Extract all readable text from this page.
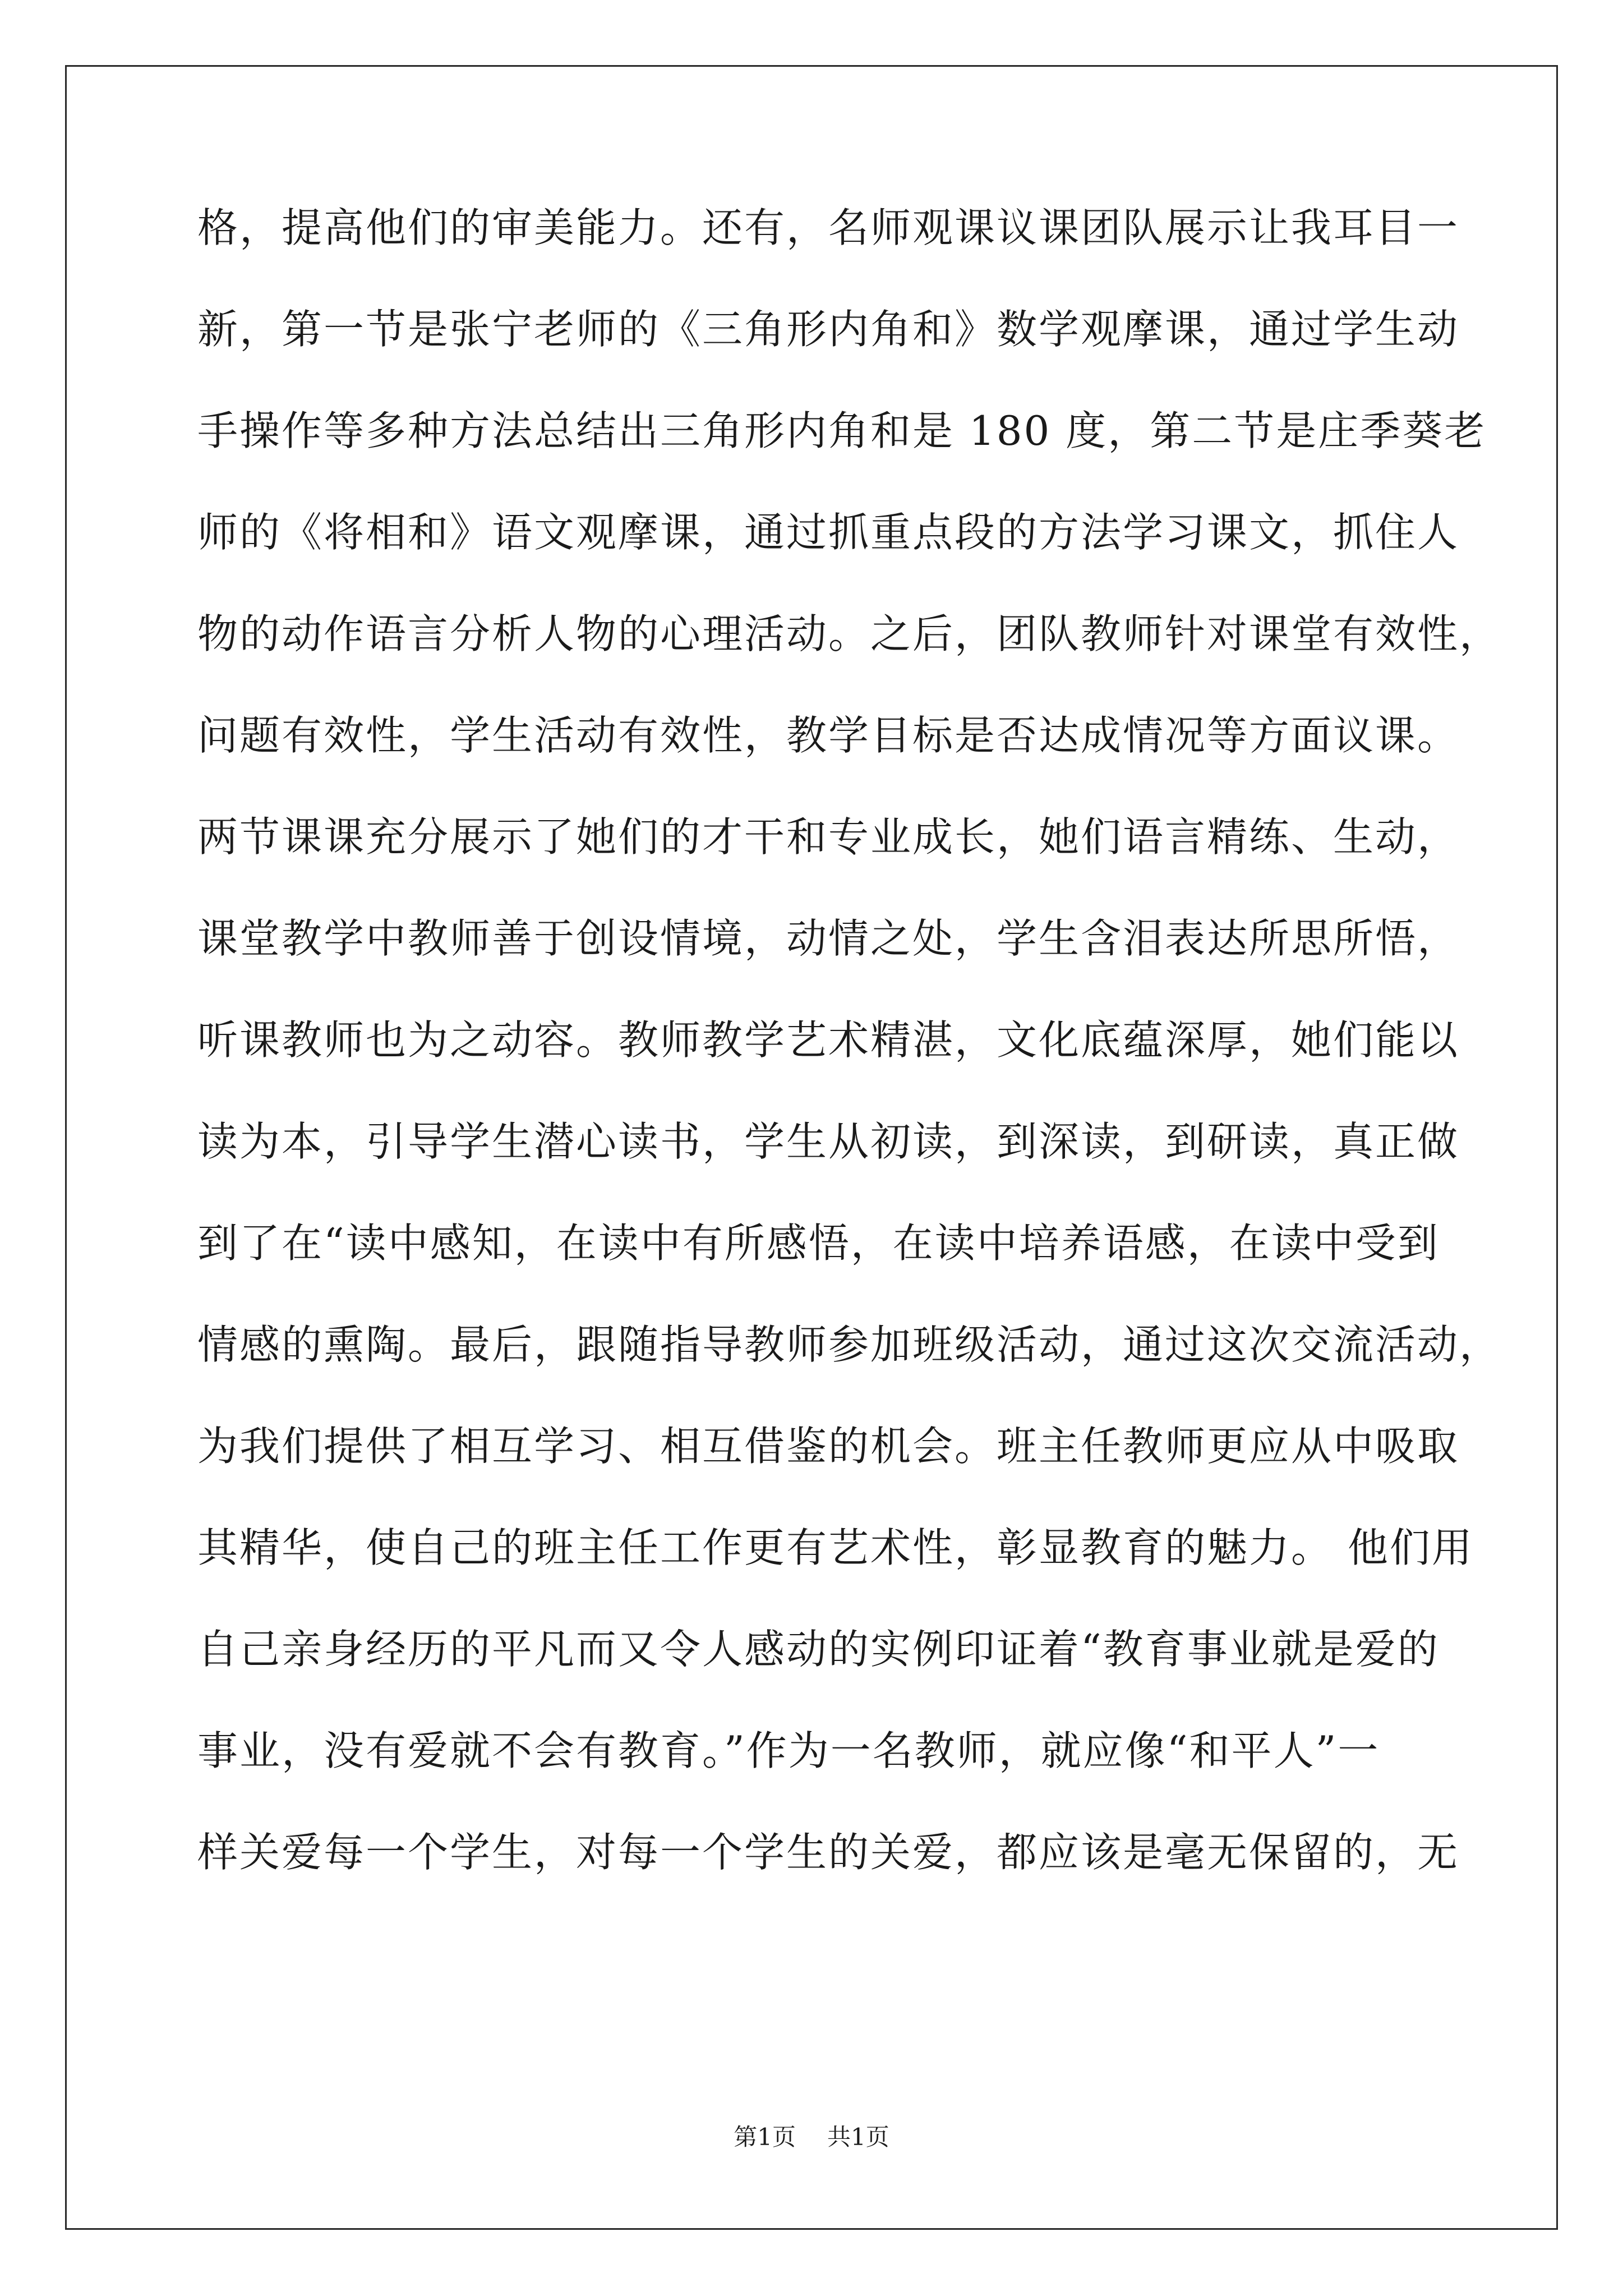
格，提高他们的审美能力。还有，名师观课议课团队展示让我耳目一
新，第一节是张宁老师的《三角形内角和》数学观摩课，通过学生动
手操作等多种方法总结出三角形内角和是 180 度，第二节是庄季葵老
师的《将相和》语文观摩课，通过抓重点段的方法学习课文，抓住人
物的动作语言分析人物的心理活动。之后，团队教师针对课堂有效性，
问题有效性，学生活动有效性，教学目标是否达成情况等方面议课。
两节课课充分展示了她们的才干和专业成长，她们语言精练、生动，
课堂教学中教师善于创设情境，动情之处，学生含泪表达所思所悟，
听课教师也为之动容。教师教学艺术精湛，文化底蕴深厚，她们能以
读为本，引导学生潜心读书，学生从初读，到深读，到研读，真正做
到了在“读中感知，在读中有所感悟，在读中培养语感，在读中受到
情感的熏陶。最后，跟随指导教师参加班级活动，通过这次交流活动，
为我们提供了相互学习、相互借鉴的机会。班主任教师更应从中吸取
其精华，使自己的班主任工作更有艺术性，彰显教育的魅力。 他们用
自己亲身经历的平凡而又令人感动的实例印证着“教育事业就是爱的
事业，没有爱就不会有教育。”作为一名教师，就应像“和平人”一
样关爱每一个学生，对每一个学生的关爱，都应该是毫无保留的，无
第1页 共1页
